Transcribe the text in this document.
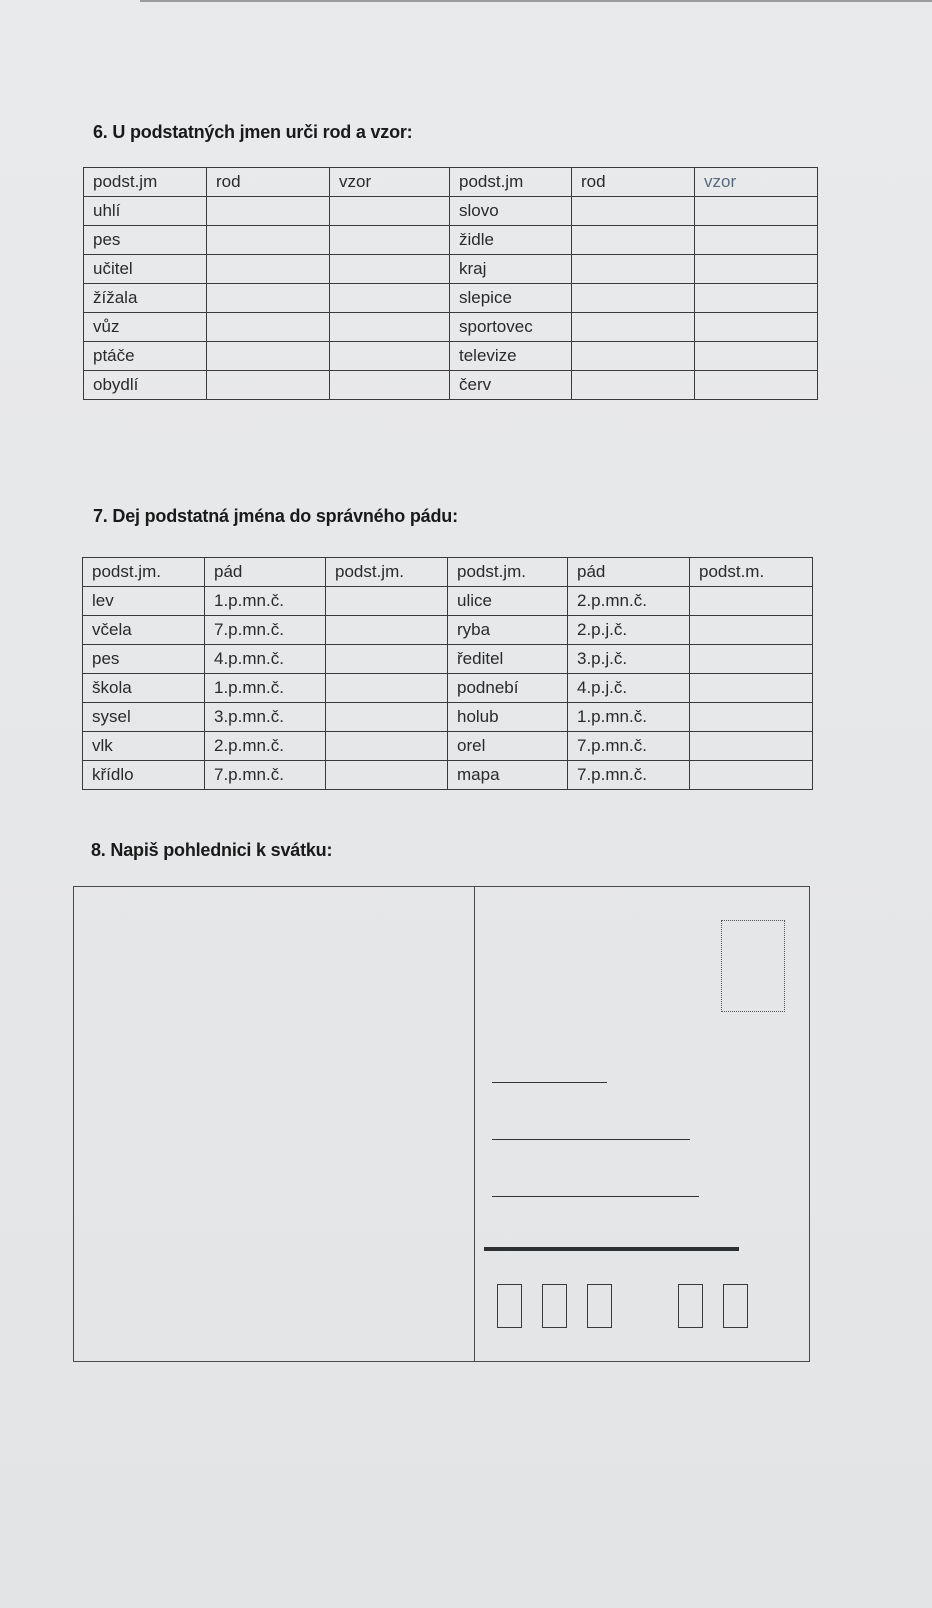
6. U podstatných jmen urči rod a vzor:
podst.jm	rod	vzor	podst.jm	rod	vzor
uhlí			slovo		
pes			židle		
učitel			kraj		
žížala			slepice		
vůz			sportovec		
ptáče			televize		
obydlí			červ		
7. Dej podstatná jména do správného pádu:
podst.jm.	pád	podst.jm.	podst.jm.	pád	podst.m.
lev	1.p.mn.č.		ulice	2.p.mn.č.	
včela	7.p.mn.č.		ryba	2.p.j.č.	
pes	4.p.mn.č.		ředitel	3.p.j.č.	
škola	1.p.mn.č.		podnebí	4.p.j.č.	
sysel	3.p.mn.č.		holub	1.p.mn.č.	
vlk	2.p.mn.č.		orel	7.p.mn.č.	
křídlo	7.p.mn.č.		mapa	7.p.mn.č.	
8. Napiš pohlednici k svátku:
